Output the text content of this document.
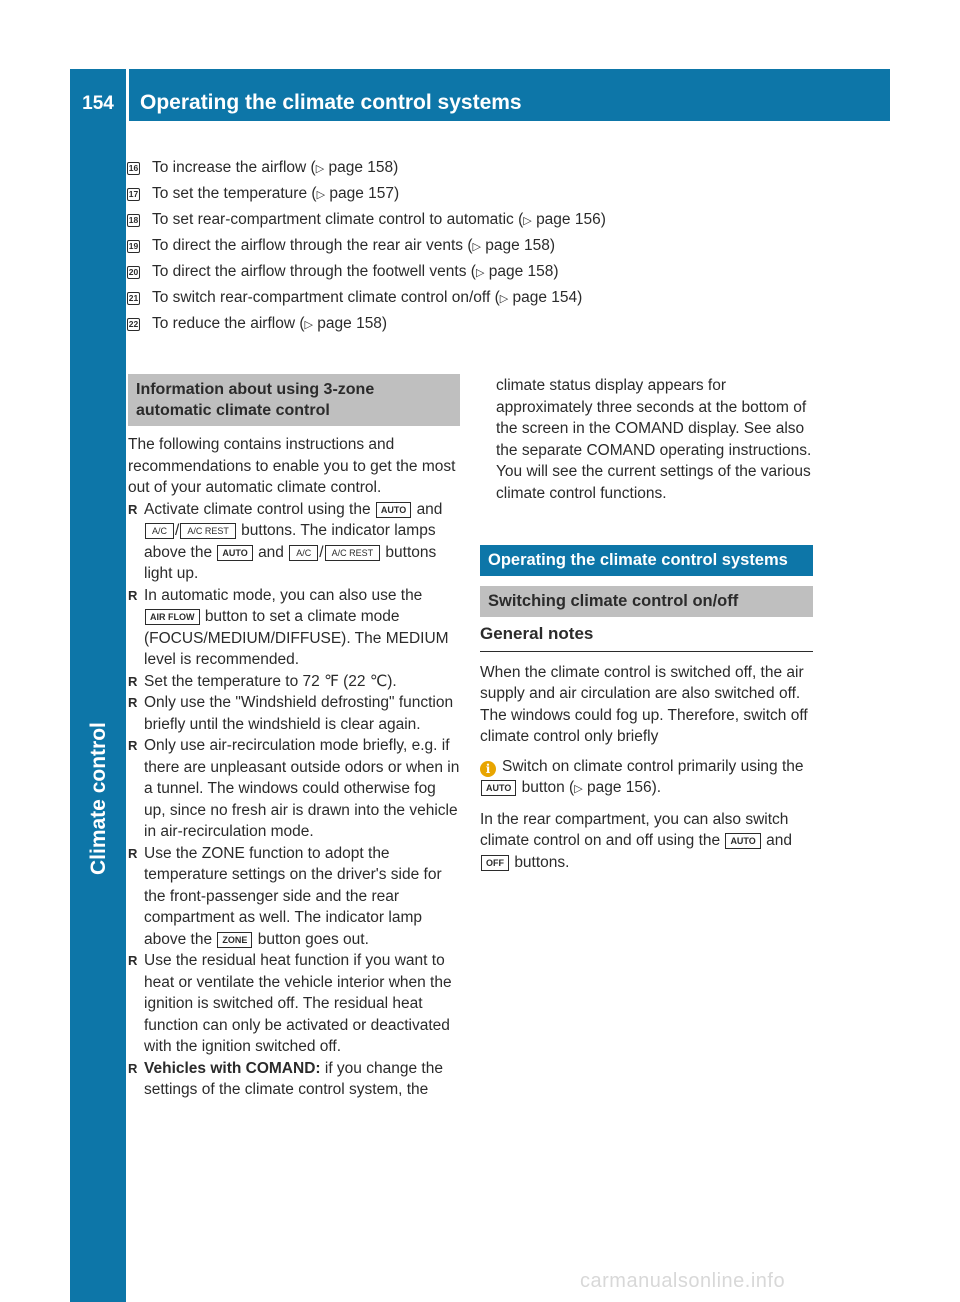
154	Operating the climate control systems
Climate control
16 To increase the airflow ( ▷
page 158)
17 To set the temperature ( ▷
page 157)
18 To set rear-compartment climate control to automatic ( ▷
page 156)
19 To direct the airflow through the rear air vents ( ▷
page 158)
20 To direct the airflow through the footwell vents ( ▷
page 158)
21 To switch rear-compartment climate control on/off ( ▷
page 154)
22 To reduce the airflow ( ▷
page 158)
Information about using 3-zone automatic climate control

The following contains instructions and recommendations to enable you to get the most out of your automatic climate control.

R Activate climate control using the AUTO and A/C / A/C REST buttons. The indicator lamps above the AUTO and A/C / A/C REST buttons light up.

R In automatic mode, you can also use the AIR FLOW button to set a climate mode (FOCUS/MEDIUM/DIFFUSE). The MEDIUM level is recommended.

R Set the temperature to 72 ℉ (22 ℃).

R Only use the "Windshield defrosting" function briefly until the windshield is clear again.

R Only use air-recirculation mode briefly, e.g. if there are unpleasant outside odors or when in a tunnel. The windows could otherwise fog up, since no fresh air is drawn into the vehicle in air-recirculation mode.

R Use the ZONE function to adopt the temperature settings on the driver's side for the front-passenger side and the rear compartment as well. The indicator lamp above the ZONE button goes out.

R Use the residual heat function if you want to heat or ventilate the vehicle interior when the ignition is switched off. The residual heat function can only be activated or deactivated with the ignition switched off.

R Vehicles with COMAND: if you change the settings of the climate control system, the

climate status display appears for approximately three seconds at the bottom of the screen in the COMAND display. See also the separate COMAND operating instructions. You will see the current settings of the various climate control functions.

Operating the climate control systems
Switching climate control on/off
General notes

When the climate control is switched off, the air supply and air circulation are also switched off. The windows could fog up. Therefore, switch off climate control only briefly

i Switch on climate control primarily using the AUTO button (▷ page 156).

In the rear compartment, you can also switch climate control on and off using the AUTO and OFF buttons.

carmanualsonline.info
